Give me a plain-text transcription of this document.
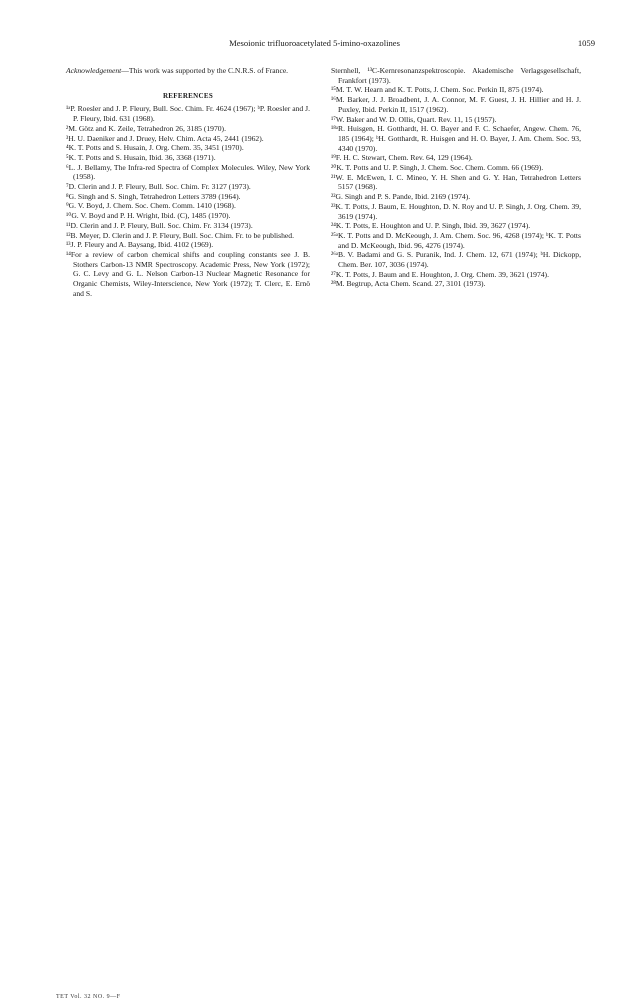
Mesoionic trifluoroacetylated 5-imino-oxazolines	1059

Acknowledgement—This work was supported by the C.N.R.S. of France.

REFERENCES

¹ᵃP. Roesler and J. P. Fleury, Bull. Soc. Chim. Fr. 4624 (1967); ᵇP. Roesler and J. P. Fleury, Ibid. 631 (1968).

²M. Götz and K. Zeile, Tetrahedron 26, 3185 (1970).

³H. U. Daeniker and J. Druey, Helv. Chim. Acta 45, 2441 (1962).

⁴K. T. Potts and S. Husain, J. Org. Chem. 35, 3451 (1970).

⁵K. T. Potts and S. Husain, Ibid. 36, 3368 (1971).

⁶L. J. Bellamy, The Infra-red Spectra of Complex Molecules. Wiley, New York (1958).

⁷D. Clerin and J. P. Fleury, Bull. Soc. Chim. Fr. 3127 (1973).

⁸G. Singh and S. Singh, Tetrahedron Letters 3789 (1964).

⁹G. V. Boyd, J. Chem. Soc. Chem. Comm. 1410 (1968).

¹⁰G. V. Boyd and P. H. Wright, Ibid. (C), 1485 (1970).

¹¹D. Clerin and J. P. Fleury, Bull. Soc. Chim. Fr. 3134 (1973).

¹²B. Meyer, D. Clerin and J. P. Fleury, Bull. Soc. Chim. Fr. to be published.

¹³J. P. Fleury and A. Baysang, Ibid. 4102 (1969).

¹⁴For a review of carbon chemical shifts and coupling constants see J. B. Stothers Carbon-13 NMR Spectroscopy. Academic Press, New York (1972); G. C. Levy and G. L. Nelson Carbon-13 Nuclear Magnetic Resonance for Organic Chemists, Wiley-Interscience, New York (1972); T. Clerc, E. Ernö and S.

Sternhell, ¹³C-Kernresonanzspektroscopie. Akademische Verlagsgesellschaft, Frankfort (1973).

¹⁵M. T. W. Hearn and K. T. Potts, J. Chem. Soc. Perkin II, 875 (1974).

¹⁶M. Barker, J. J. Broadbent, J. A. Connor, M. F. Guest, J. H. Hillier and H. J. Puxley, Ibid. Perkin II, 1517 (1962).

¹⁷W. Baker and W. D. Ollis, Quart. Rev. 11, 15 (1957).

¹⁸ᵃR. Huisgen, H. Gotthardt, H. O. Bayer and F. C. Schaefer, Angew. Chem. 76, 185 (1964); ᵇH. Gotthardt, R. Huisgen and H. O. Bayer, J. Am. Chem. Soc. 93, 4340 (1970).

¹⁹F. H. C. Stewart, Chem. Rev. 64, 129 (1964).

²⁰K. T. Potts and U. P. Singh, J. Chem. Soc. Chem. Comm. 66 (1969).

²¹W. E. McEwen, I. C. Mineo, Y. H. Shen and G. Y. Han, Tetrahedron Letters 5157 (1968).

²²G. Singh and P. S. Pande, Ibid. 2169 (1974).

²³K. T. Potts, J. Baum, E. Houghton, D. N. Roy and U. P. Singh, J. Org. Chem. 39, 3619 (1974).

²⁴K. T. Potts, E. Houghton and U. P. Singh, Ibid. 39, 3627 (1974).

²⁵ᵃK. T. Potts and D. McKeough, J. Am. Chem. Soc. 96, 4268 (1974); ᵇK. T. Potts and D. McKeough, Ibid. 96, 4276 (1974).

²⁶ᵃB. V. Badami and G. S. Puranik, Ind. J. Chem. 12, 671 (1974); ᵇH. Dickopp, Chem. Ber. 107, 3036 (1974).

²⁷K. T. Potts, J. Baum and E. Houghton, J. Org. Chem. 39, 3621 (1974).

²⁸M. Begtrup, Acta Chem. Scand. 27, 3101 (1973).

TET Vol. 32 NO. 9—F
